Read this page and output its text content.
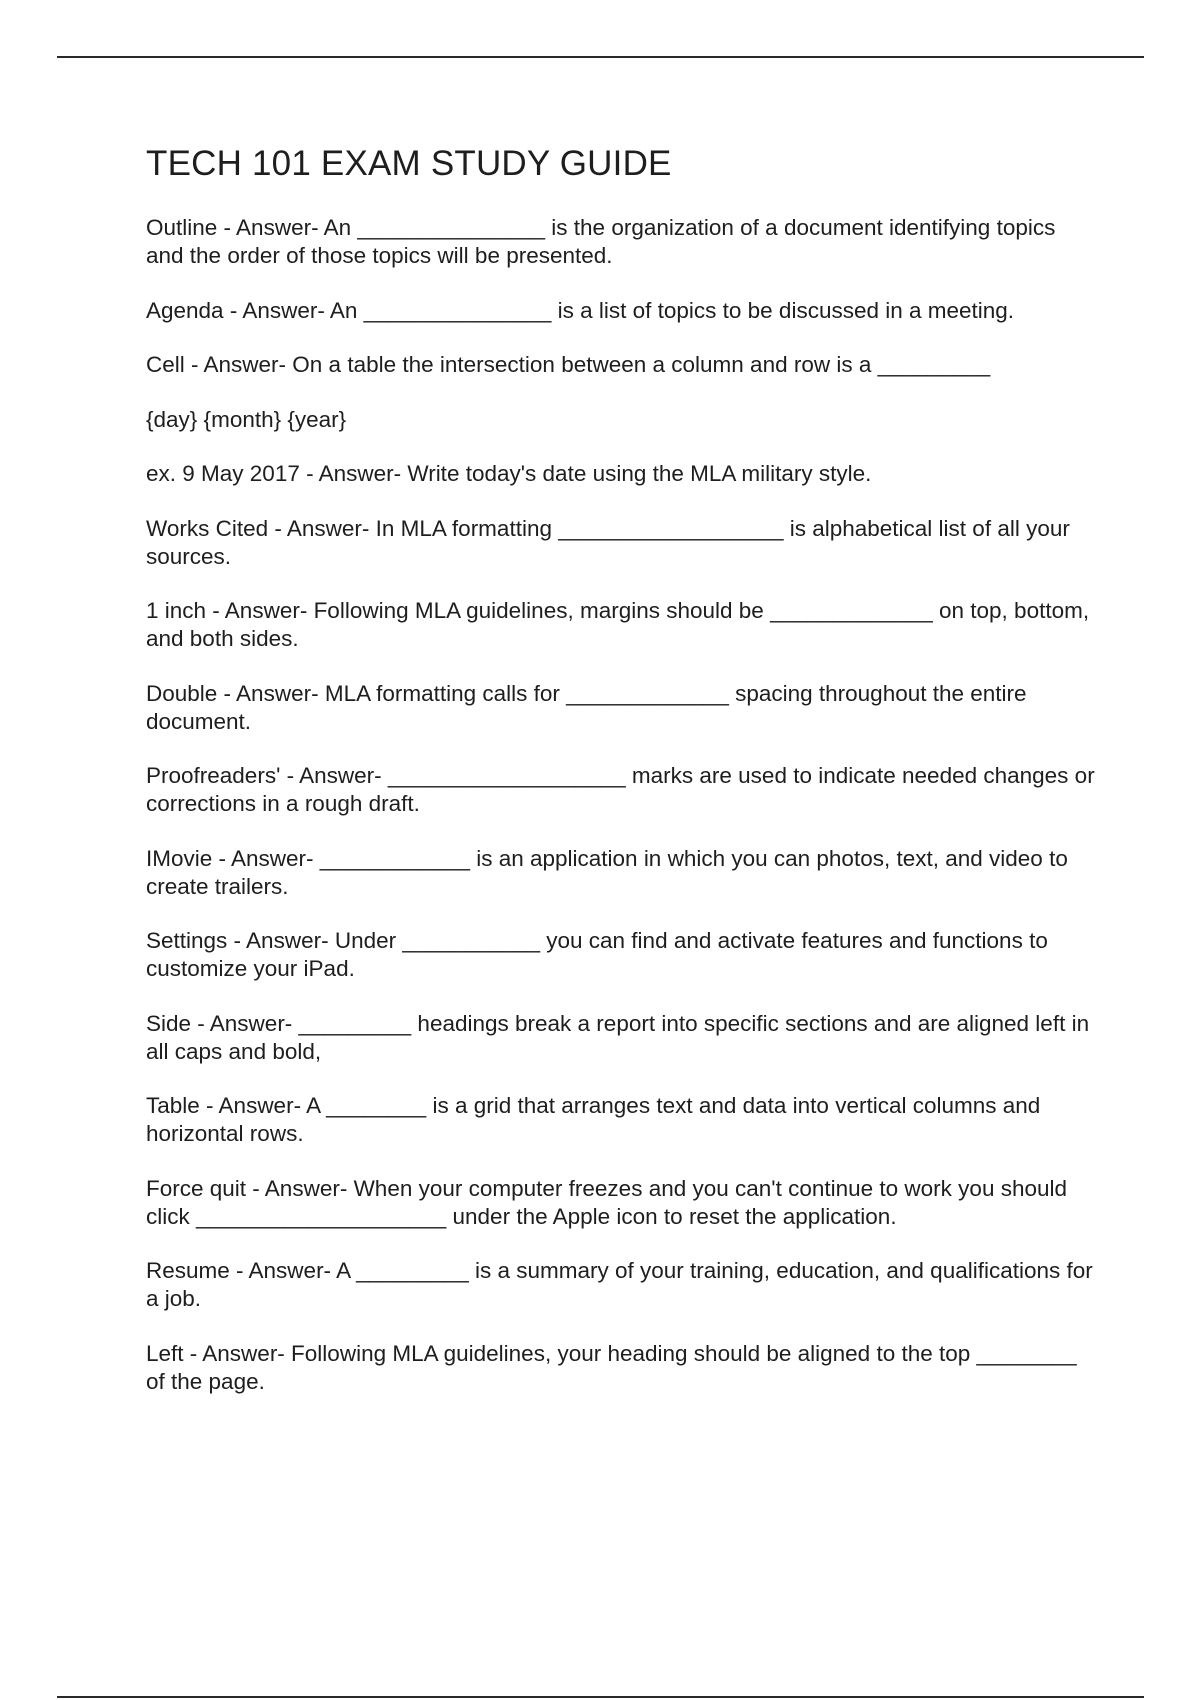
TECH 101 EXAM STUDY GUIDE
Outline - Answer- An _______________ is the organization of a document identifying topics and the order of those topics will be presented.
Agenda - Answer- An _______________ is a list of topics to be discussed in a meeting.
Cell - Answer- On a table the intersection between a column and row is a _________
{day} {month} {year}
ex. 9 May 2017 - Answer- Write today's date using the MLA military style.
Works Cited - Answer- In MLA formatting __________________ is alphabetical list of all your sources.
1 inch - Answer- Following MLA guidelines, margins should be _____________ on top, bottom, and both sides.
Double - Answer- MLA formatting calls for _____________ spacing throughout the entire document.
Proofreaders' - Answer- ___________________ marks are used to indicate needed changes or corrections in a rough draft.
IMovie - Answer- ____________ is an application in which you can photos, text, and video to create trailers.
Settings - Answer- Under ___________ you can find and activate features and functions to customize your iPad.
Side - Answer- _________ headings break a report into specific sections and are aligned left in all caps and bold,
Table - Answer- A ________ is a grid that arranges text and data into vertical columns and horizontal rows.
Force quit - Answer- When your computer freezes and you can't continue to work you should click ____________________ under the Apple icon to reset the application.
Resume - Answer- A _________ is a summary of your training, education, and qualifications for a job.
Left - Answer- Following MLA guidelines, your heading should be aligned to the top ________ of the page.
